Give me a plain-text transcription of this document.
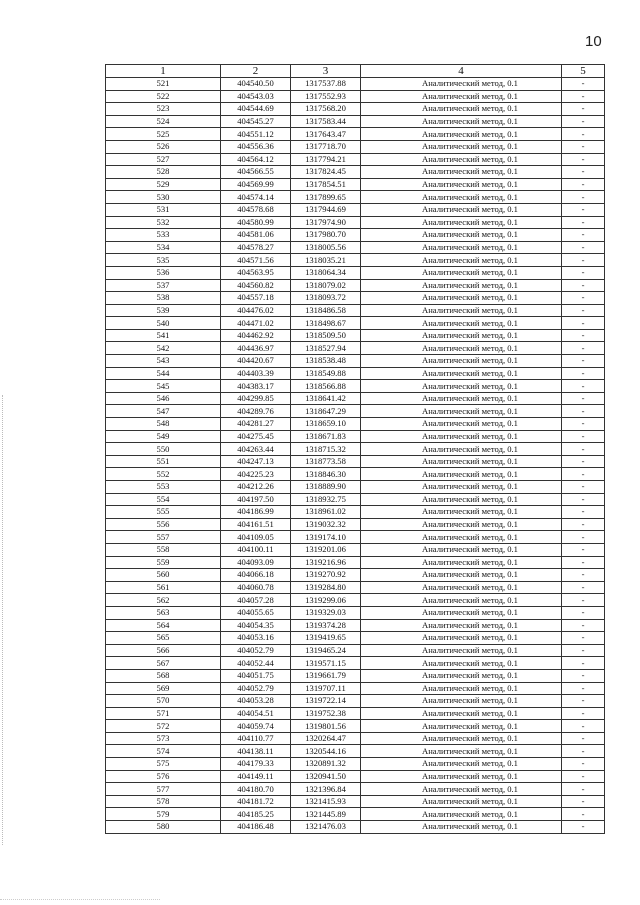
10
1	2	3	4	5
521	404540.50	1317537.88	Аналитический метод, 0.1	-
522	404543.03	1317552.93	Аналитический метод, 0.1	-
523	404544.69	1317568.20	Аналитический метод, 0.1	-
524	404545.27	1317583.44	Аналитический метод, 0.1	-
525	404551.12	1317643.47	Аналитический метод, 0.1	-
526	404556.36	1317718.70	Аналитический метод, 0.1	-
527	404564.12	1317794.21	Аналитический метод, 0.1	-
528	404566.55	1317824.45	Аналитический метод, 0.1	-
529	404569.99	1317854.51	Аналитический метод, 0.1	-
530	404574.14	1317899.65	Аналитический метод, 0.1	-
531	404578.68	1317944.69	Аналитический метод, 0.1	-
532	404580.99	1317974.90	Аналитический метод, 0.1	-
533	404581.06	1317980.70	Аналитический метод, 0.1	-
534	404578.27	1318005.56	Аналитический метод, 0.1	-
535	404571.56	1318035.21	Аналитический метод, 0.1	-
536	404563.95	1318064.34	Аналитический метод, 0.1	-
537	404560.82	1318079.02	Аналитический метод, 0.1	-
538	404557.18	1318093.72	Аналитический метод, 0.1	-
539	404476.02	1318486.58	Аналитический метод, 0.1	-
540	404471.02	1318498.67	Аналитический метод, 0.1	-
541	404462.92	1318509.50	Аналитический метод, 0.1	-
542	404436.97	1318527.94	Аналитический метод, 0.1	-
543	404420.67	1318538.48	Аналитический метод, 0.1	-
544	404403.39	1318549.88	Аналитический метод, 0.1	-
545	404383.17	1318566.88	Аналитический метод, 0.1	-
546	404299.85	1318641.42	Аналитический метод, 0.1	-
547	404289.76	1318647.29	Аналитический метод, 0.1	-
548	404281.27	1318659.10	Аналитический метод, 0.1	-
549	404275.45	1318671.83	Аналитический метод, 0.1	-
550	404263.44	1318715.32	Аналитический метод, 0.1	-
551	404247.13	1318773.58	Аналитический метод, 0.1	-
552	404225.23	1318846.30	Аналитический метод, 0.1	-
553	404212.26	1318889.90	Аналитический метод, 0.1	-
554	404197.50	1318932.75	Аналитический метод, 0.1	-
555	404186.99	1318961.02	Аналитический метод, 0.1	-
556	404161.51	1319032.32	Аналитический метод, 0.1	-
557	404109.05	1319174.10	Аналитический метод, 0.1	-
558	404100.11	1319201.06	Аналитический метод, 0.1	-
559	404093.09	1319216.96	Аналитический метод, 0.1	-
560	404066.18	1319270.92	Аналитический метод, 0.1	-
561	404060.78	1319284.80	Аналитический метод, 0.1	-
562	404057.28	1319299.06	Аналитический метод, 0.1	-
563	404055.65	1319329.03	Аналитический метод, 0.1	-
564	404054.35	1319374.28	Аналитический метод, 0.1	-
565	404053.16	1319419.65	Аналитический метод, 0.1	-
566	404052.79	1319465.24	Аналитический метод, 0.1	-
567	404052.44	1319571.15	Аналитический метод, 0.1	-
568	404051.75	1319661.79	Аналитический метод, 0.1	-
569	404052.79	1319707.11	Аналитический метод, 0.1	-
570	404053.28	1319722.14	Аналитический метод, 0.1	-
571	404054.51	1319752.38	Аналитический метод, 0.1	-
572	404059.74	1319801.56	Аналитический метод, 0.1	-
573	404110.77	1320264.47	Аналитический метод, 0.1	-
574	404138.11	1320544.16	Аналитический метод, 0.1	-
575	404179.33	1320891.32	Аналитический метод, 0.1	-
576	404149.11	1320941.50	Аналитический метод, 0.1	-
577	404180.70	1321396.84	Аналитический метод, 0.1	-
578	404181.72	1321415.93	Аналитический метод, 0.1	-
579	404185.25	1321445.89	Аналитический метод, 0.1	-
580	404186.48	1321476.03	Аналитический метод, 0.1	-
